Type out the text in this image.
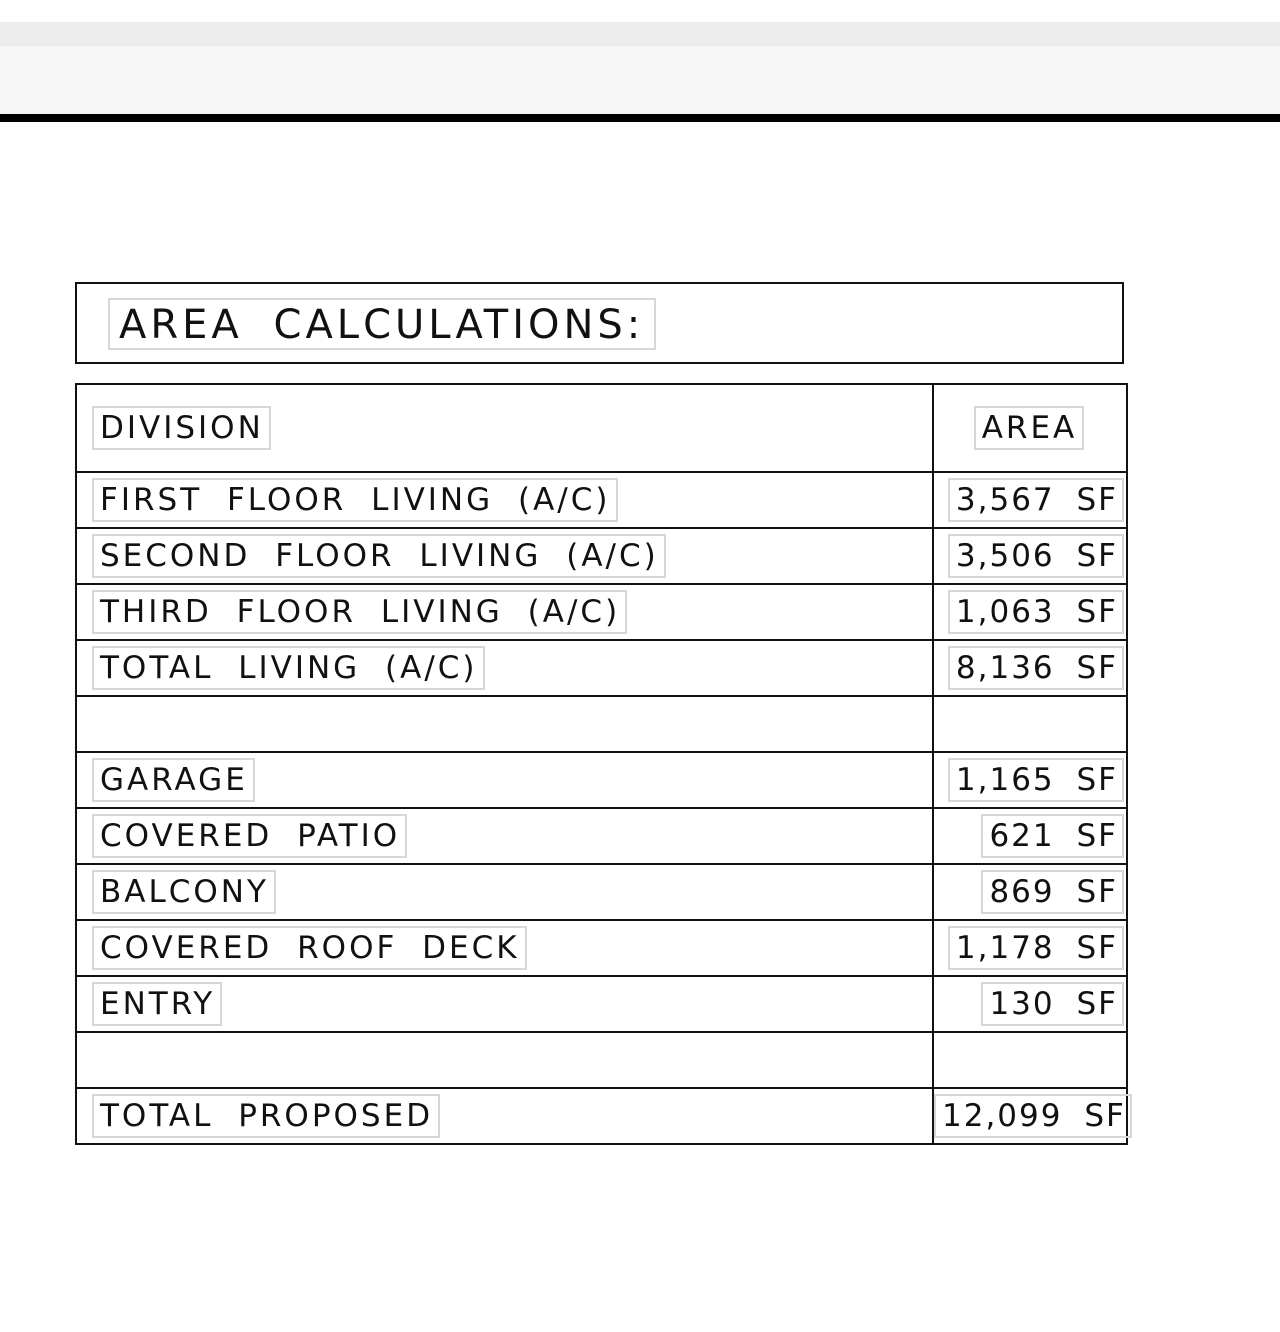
AREA CALCULATIONS:
DIVISION	AREA
FIRST FLOOR LIVING (A/C)	3,567 SF
SECOND FLOOR LIVING (A/C)	3,506 SF
THIRD FLOOR LIVING (A/C)	1,063 SF
TOTAL LIVING (A/C)	8,136 SF

GARAGE	1,165 SF
COVERED PATIO	621 SF
BALCONY	869 SF
COVERED ROOF DECK	1,178 SF
ENTRY	130 SF

TOTAL PROPOSED	12,099 SF
